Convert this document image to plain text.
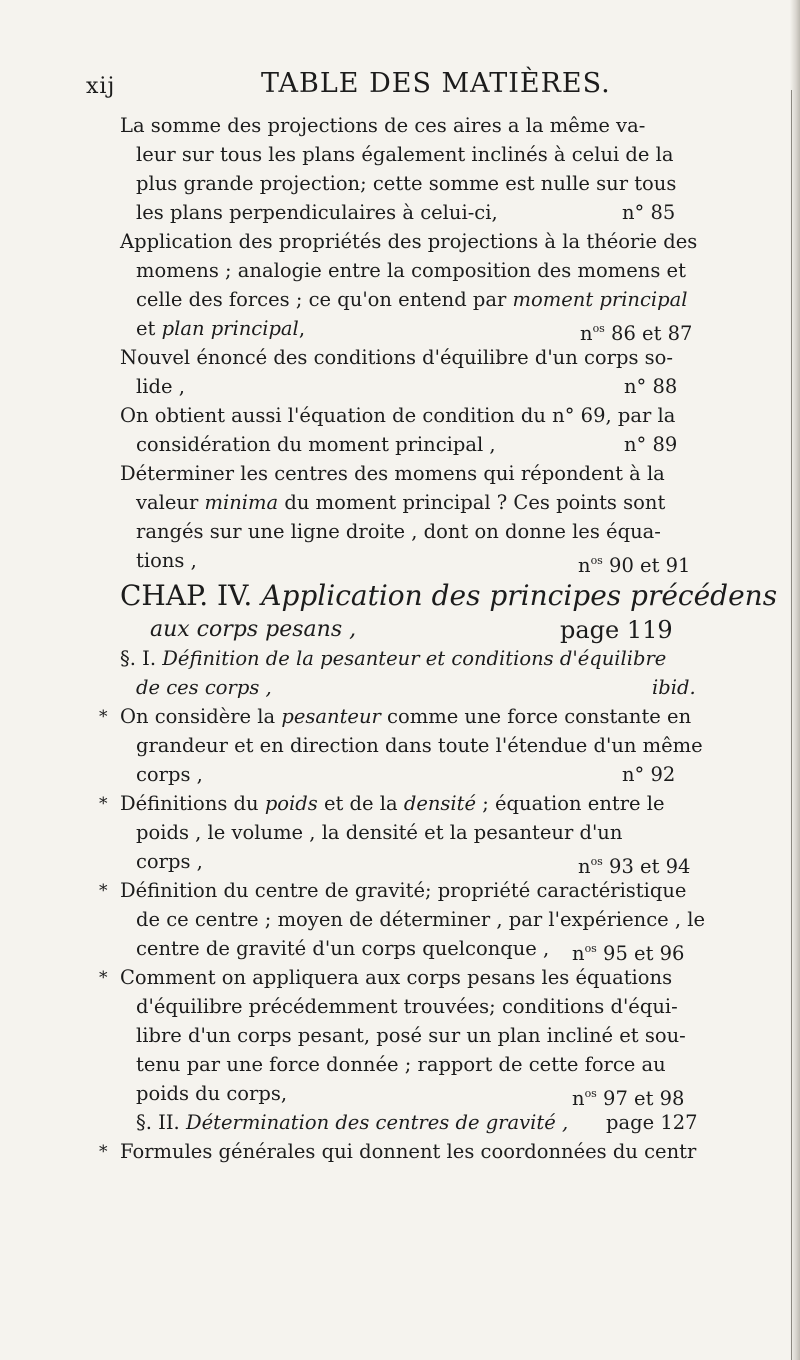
xij	TABLE DES MATIÈRES.
La somme des projections de ces aires a la même va-
leur sur tous les plans également inclinés à celui de la
plus grande projection; cette somme est nulle sur tous
les plans perpendiculaires à celui-ci,	n° 85
Application des propriétés des projections à la théorie des
momens ; analogie entre la composition des momens et
celle des forces ; ce qu'on entend par moment principal
et plan principal,	$n^{os}$ 86 et 87
Nouvel énoncé des conditions d'équilibre d'un corps so-
lide ,	n° 88
On obtient aussi l'équation de condition du n° 69, par la
considération du moment principal ,	n° 89
Déterminer les centres des momens qui répondent à la
valeur minima du moment principal ? Ces points sont
rangés sur une ligne droite , dont on donne les équa-
tions ,	$n^{os}$ 90 et 91
CHAP. IV. Application des principes précédens
aux corps pesans ,	page 119
§. I. Définition de la pesanteur et conditions d'équilibre
de ces corps ,	ibid.
* On considère la pesanteur comme une force constante en
grandeur et en direction dans toute l'étendue d'un même
corps ,	n° 92
* Définitions du poids et de la densité ; équation entre le
poids , le volume , la densité et la pesanteur d'un
corps ,	$n^{os}$ 93 et 94
* Définition du centre de gravité; propriété caractéristique
de ce centre ; moyen de déterminer , par l'expérience , le
centre de gravité d'un corps quelconque , $n^{os}$ 95 et 96
* Comment on appliquera aux corps pesans les équations
d'équilibre précédemment trouvées; conditions d'équi-
libre d'un corps pesant, posé sur un plan incliné et sou-
tenu par une force donnée ; rapport de cette force au
poids du corps,	$n^{os}$ 97 et 98
§. II. Détermination des centres de gravité , page 127
* Formules générales qui donnent les coordonnées du centr
